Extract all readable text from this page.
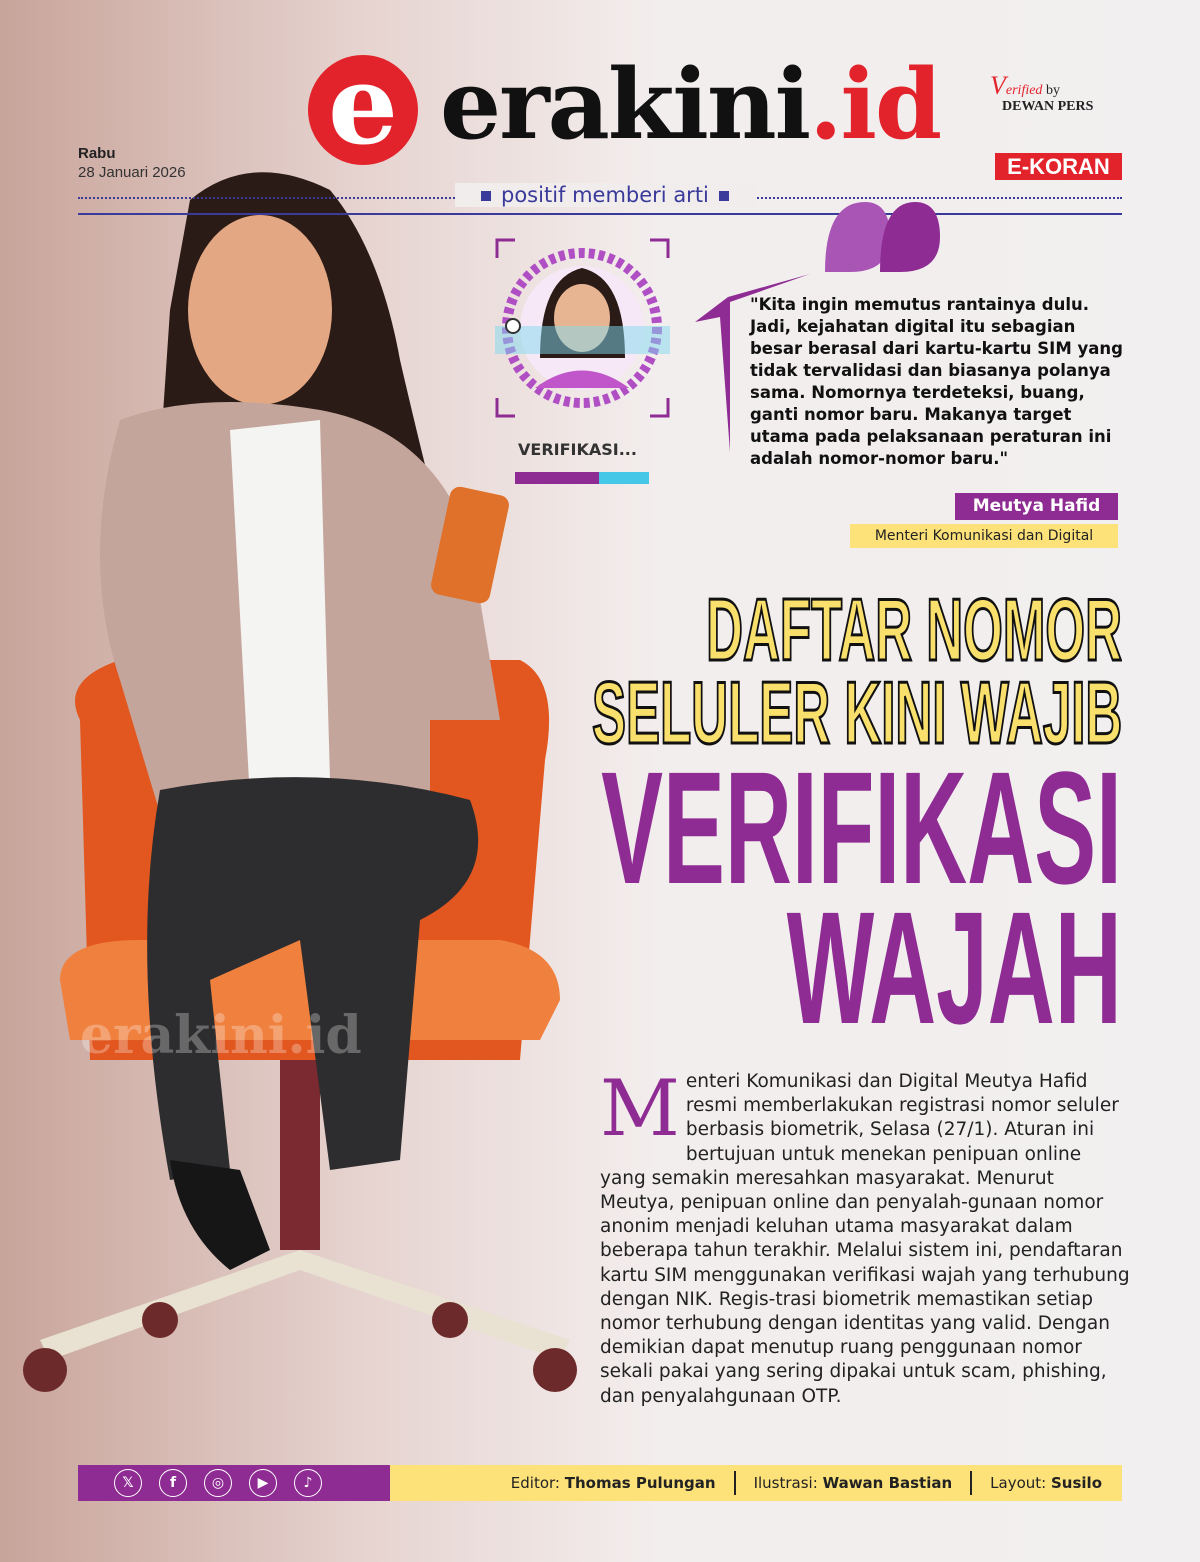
erakini.id
e erakini.id
Rabu
28 Januari 2026
Verified by
DEWAN PERS
E-KORAN
positif memberi arti
VERIFIKASI...
"Kita ingin memutus rantainya dulu. Jadi, kejahatan digital itu sebagian besar berasal dari kartu-kartu SIM yang tidak tervalidasi dan biasanya polanya sama. Nomornya terdeteksi, buang, ganti nomor baru. Makanya target utama pada pelaksanaan peraturan ini adalah nomor-nomor baru."
Meutya Hafid
Menteri Komunikasi dan Digital
DAFTAR NOMOR
SELULER KINI WAJIB
VERIFIKASI
WAJAH
Menteri Komunikasi dan Digital Meutya Hafid resmi memberlakukan registrasi nomor seluler berbasis biometrik, Selasa (27/1). Aturan ini bertujuan untuk menekan penipuan online yang semakin meresahkan masyarakat. Menurut Meutya, penipuan online dan penyalah-gunaan nomor anonim menjadi keluhan utama masyarakat dalam beberapa tahun terakhir. Melalui sistem ini, pendaftaran kartu SIM menggunakan verifikasi wajah yang terhubung dengan NIK. Regis-trasi biometrik memastikan setiap nomor terhubung dengan identitas yang valid. Dengan demikian dapat menutup ruang penggunaan nomor sekali pakai yang sering dipakai untuk scam, phishing, dan penyalahgunaan OTP.
𝕏	f	◎	▶	♪	Editor:
Thomas Pulungan	Ilustrasi:
Wawan Bastian	Layout:
Susilo
